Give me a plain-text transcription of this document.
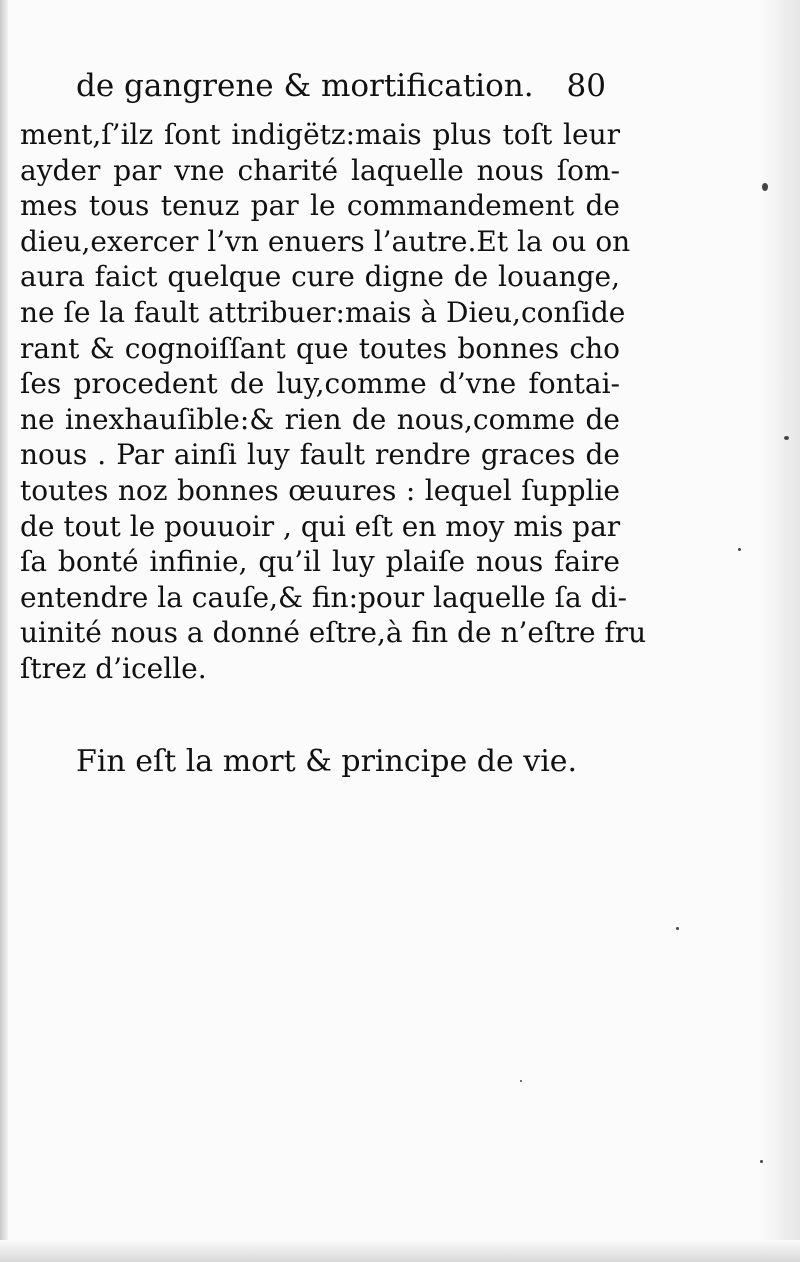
de gangrene & mortification. 80
ment,ſ’ilz ſont indigëtz:mais plus toſt leur
ayder par vne charité laquelle nous ſom-
mes tous tenuz par le commandement de
dieu,exercer l’vn enuers l’autre.Et la ou on
aura faict quelque cure digne de louange,
ne ſe la fault attribuer:mais à Dieu,conſide
rant & cognoiſſant que toutes bonnes cho
ſes procedent de luy,comme d’vne fontai-
ne inexhauſible:& rien de nous,comme de
nous . Par ainſi luy fault rendre graces de
toutes noz bonnes œuures : lequel ſupplie
de tout le pouuoir , qui eſt en moy mis par
ſa bonté infinie, qu’il luy plaiſe nous faire
entendre la cauſe,& fin:pour laquelle ſa di-
uinité nous a donné eſtre,à fin de n’eſtre fru
ſtrez d’icelle.
Fin eſt la mort & principe de vie.
